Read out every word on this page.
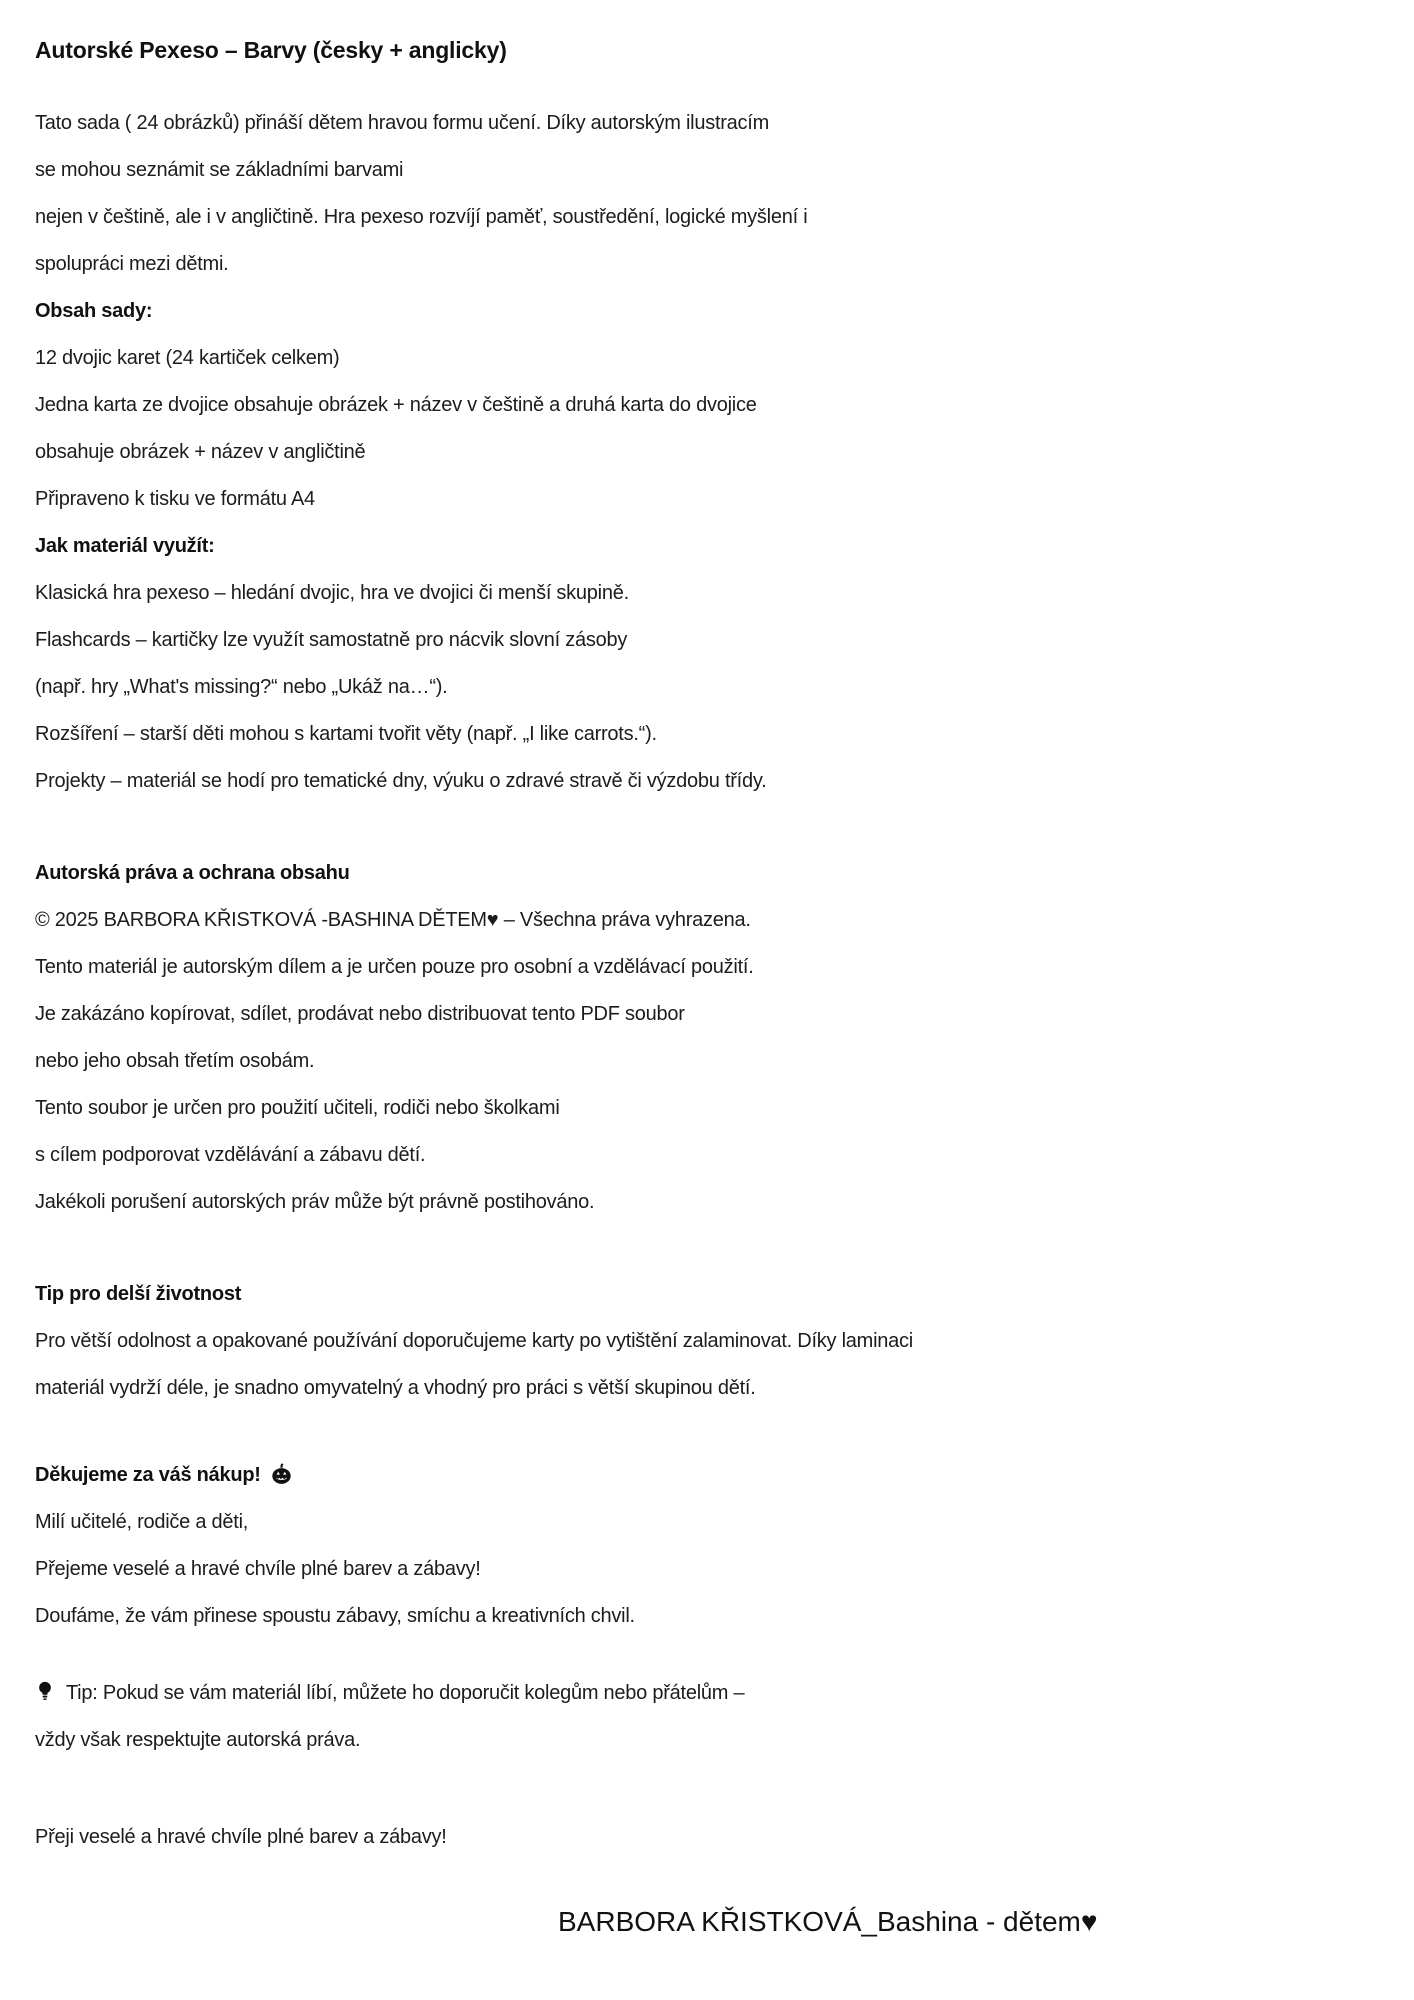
Autorské Pexeso – Barvy (česky + anglicky)

Tato sada ( 24 obrázků) přináší dětem hravou formu učení. Díky autorským ilustracím

se mohou seznámit se základními barvami

nejen v češtině, ale i v angličtině. Hra pexeso rozvíjí paměť, soustředění, logické myšlení i

spolupráci mezi dětmi.

Obsah sady:

12 dvojic karet (24 kartiček celkem)

Jedna karta ze dvojice obsahuje obrázek + název v češtině a druhá karta do dvojice

obsahuje obrázek + název v angličtině

Připraveno k tisku ve formátu A4

Jak materiál využít:

Klasická hra pexeso – hledání dvojic, hra ve dvojici či menší skupině.

Flashcards – kartičky lze využít samostatně pro nácvik slovní zásoby

(např. hry „What's missing?“ nebo „Ukáž na…“).

Rozšíření – starší děti mohou s kartami tvořit věty (např. „I like carrots.“).

Projekty – materiál se hodí pro tematické dny, výuku o zdravé stravě či výzdobu třídy.

Autorská práva a ochrana obsahu

© 2025 BARBORA KŘISTKOVÁ -BASHINA DĚTEM♥ – Všechna práva vyhrazena.

Tento materiál je autorským dílem a je určen pouze pro osobní a vzdělávací použití.

Je zakázáno kopírovat, sdílet, prodávat nebo distribuovat tento PDF soubor

nebo jeho obsah třetím osobám.

Tento soubor je určen pro použití učiteli, rodiči nebo školkami

s cílem podporovat vzdělávání a zábavu dětí.

Jakékoli porušení autorských práv může být právně postihováno.

Tip pro delší životnost

Pro větší odolnost a opakované používání doporučujeme karty po vytištění zalaminovat. Díky laminaci

materiál vydrží déle, je snadno omyvatelný a vhodný pro práci s větší skupinou dětí.

Děkujeme za váš nákup!

Milí učitelé, rodiče a děti,

Přejeme veselé a hravé chvíle plné barev a zábavy!

Doufáme, že vám přinese spoustu zábavy, smíchu a kreativních chvil.

Tip: Pokud se vám materiál líbí, můžete ho doporučit kolegům nebo přátelům –

vždy však respektujte autorská práva.

Přeji veselé a hravé chvíle plné barev a zábavy!

BARBORA KŘISTKOVÁ_Bashina - dětem♥
